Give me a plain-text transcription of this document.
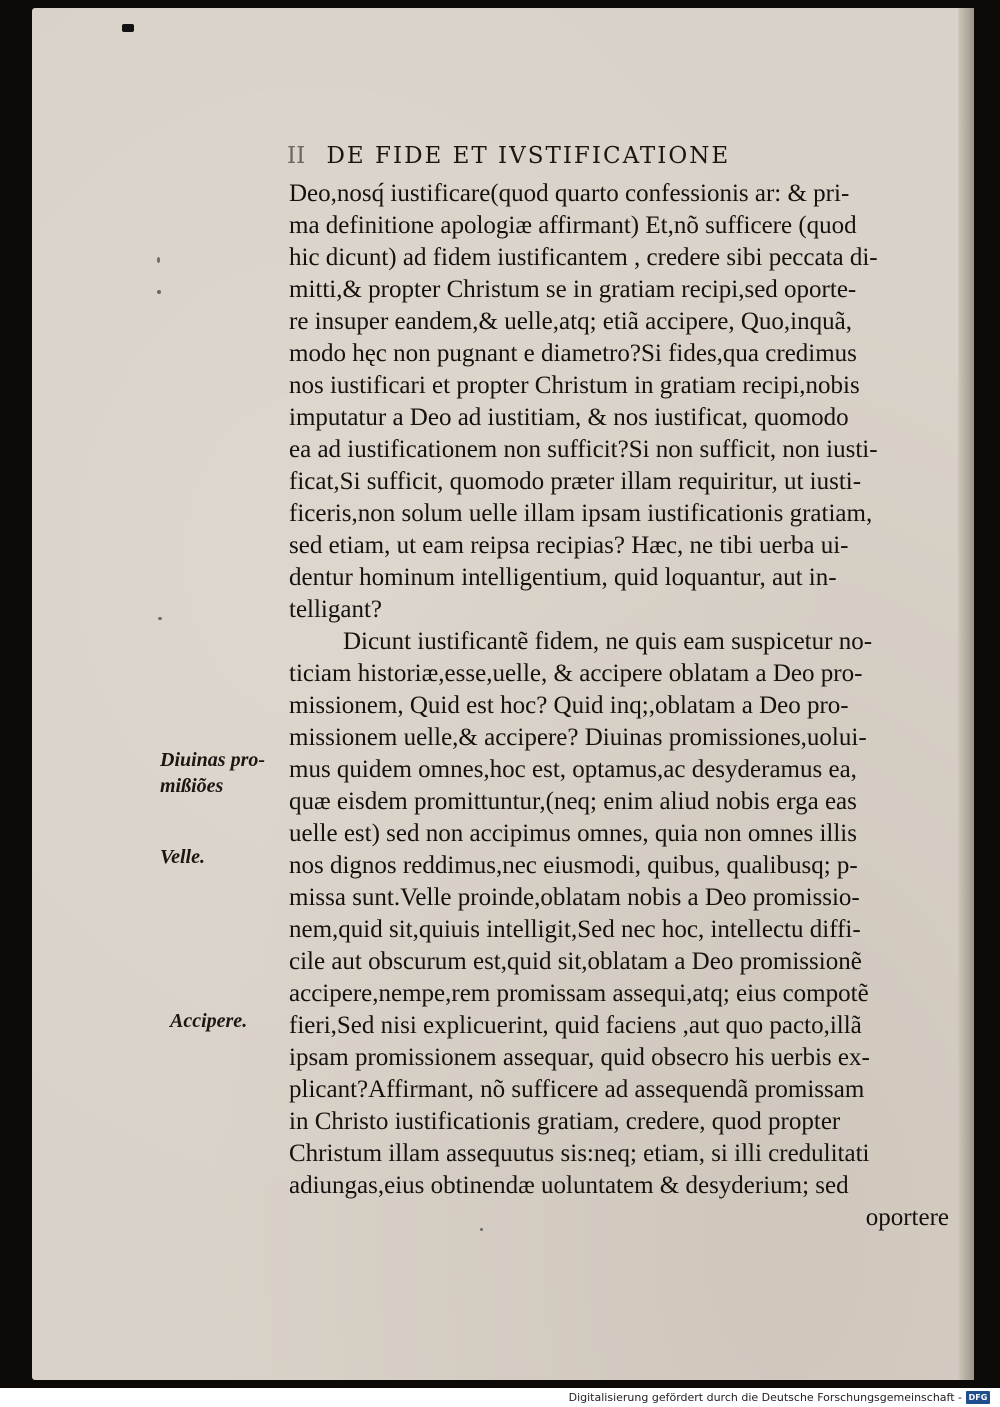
II DE FIDE ET IVSTIFICATIONE
Deo,nosq́ iustificare(quod quarto confessionis ar: & pri-
ma definitione apologiæ affirmant) Et,nõ sufficere (quod
hic dicunt) ad fidem iustificantem , credere sibi peccata di-
mitti,& propter Christum se in gratiam recipi,sed oporte-
re insuper eandem,& uelle,atq; etiã accipere, Quo,inquã,
modo hęc non pugnant e diametro?Si fides,qua credimus
nos iustificari et propter Christum in gratiam recipi,nobis
imputatur a Deo ad iustitiam, & nos iustificat, quomodo
ea ad iustificationem non sufficit?Si non sufficit, non iusti-
ficat,Si sufficit, quomodo præter illam requiritur, ut iusti-
ficeris,non solum uelle illam ipsam iustificationis gratiam,
sed etiam, ut eam reipsa recipias? Hæc, ne tibi uerba ui-
dentur hominum intelligentium, quid loquantur, aut in-
telligant?
Dicunt iustificantẽ fidem, ne quis eam suspicetur no-
ticiam historiæ,esse,uelle, & accipere oblatam a Deo pro-
missionem, Quid est hoc? Quid inq;,oblatam a Deo pro-
missionem uelle,& accipere? Diuinas promissiones,uolui-
mus quidem omnes,hoc est, optamus,ac desyderamus ea,
quæ eisdem promittuntur,(neq; enim aliud nobis erga eas
uelle est) sed non accipimus omnes, quia non omnes illis
nos dignos reddimus,nec eiusmodi, quibus, qualibusq; p-
missa sunt.Velle proinde,oblatam nobis a Deo promissio-
nem,quid sit,quiuis intelligit,Sed nec hoc, intellectu diffi-
cile aut obscurum est,quid sit,oblatam a Deo promissionẽ
accipere,nempe,rem promissam assequi,atq; eius compotẽ
fieri,Sed nisi explicuerint, quid faciens ,aut quo pacto,illã
ipsam promissionem assequar, quid obsecro his uerbis ex-
plicant?Affirmant, nõ sufficere ad assequendã promissam
in Christo iustificationis gratiam, credere, quod propter
Christum illam assequutus sis:neq; etiam, si illi credulitati
adiungas,eius obtinendæ uoluntatem & desyderium; sed
oportere
Diuinas pro-
mißiões
Velle.
Accipere.
Digitalisierung gefördert durch die Deutsche Forschungsgemeinschaft - DFG
